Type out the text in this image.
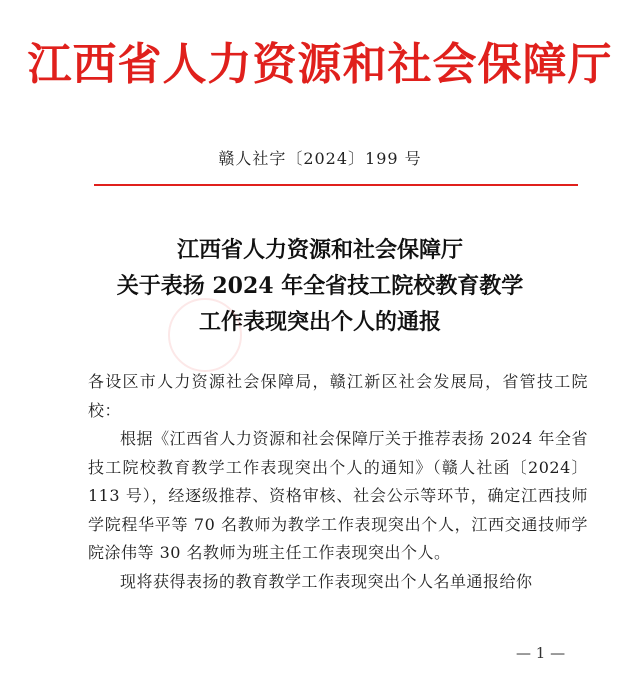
江西省人力资源和社会保障厅
赣人社字〔2024〕199 号
江西省人力资源和社会保障厅
关于表扬 2024 年全省技工院校教育教学
工作表现突出个人的通报

各设区市人力资源社会保障局，赣江新区社会发展局，省管技工院校：

根据《江西省人力资源和社会保障厅关于推荐表扬 2024 年全省技工院校教育教学工作表现突出个人的通知》（赣人社函〔2024〕113 号），经逐级推荐、资格审核、社会公示等环节，确定江西技师学院程华平等 70 名教师为教学工作表现突出个人，江西交通技师学院涂伟等 30 名教师为班主任工作表现突出个人。

现将获得表扬的教育教学工作表现突出个人名单通报给你

— 1 —
